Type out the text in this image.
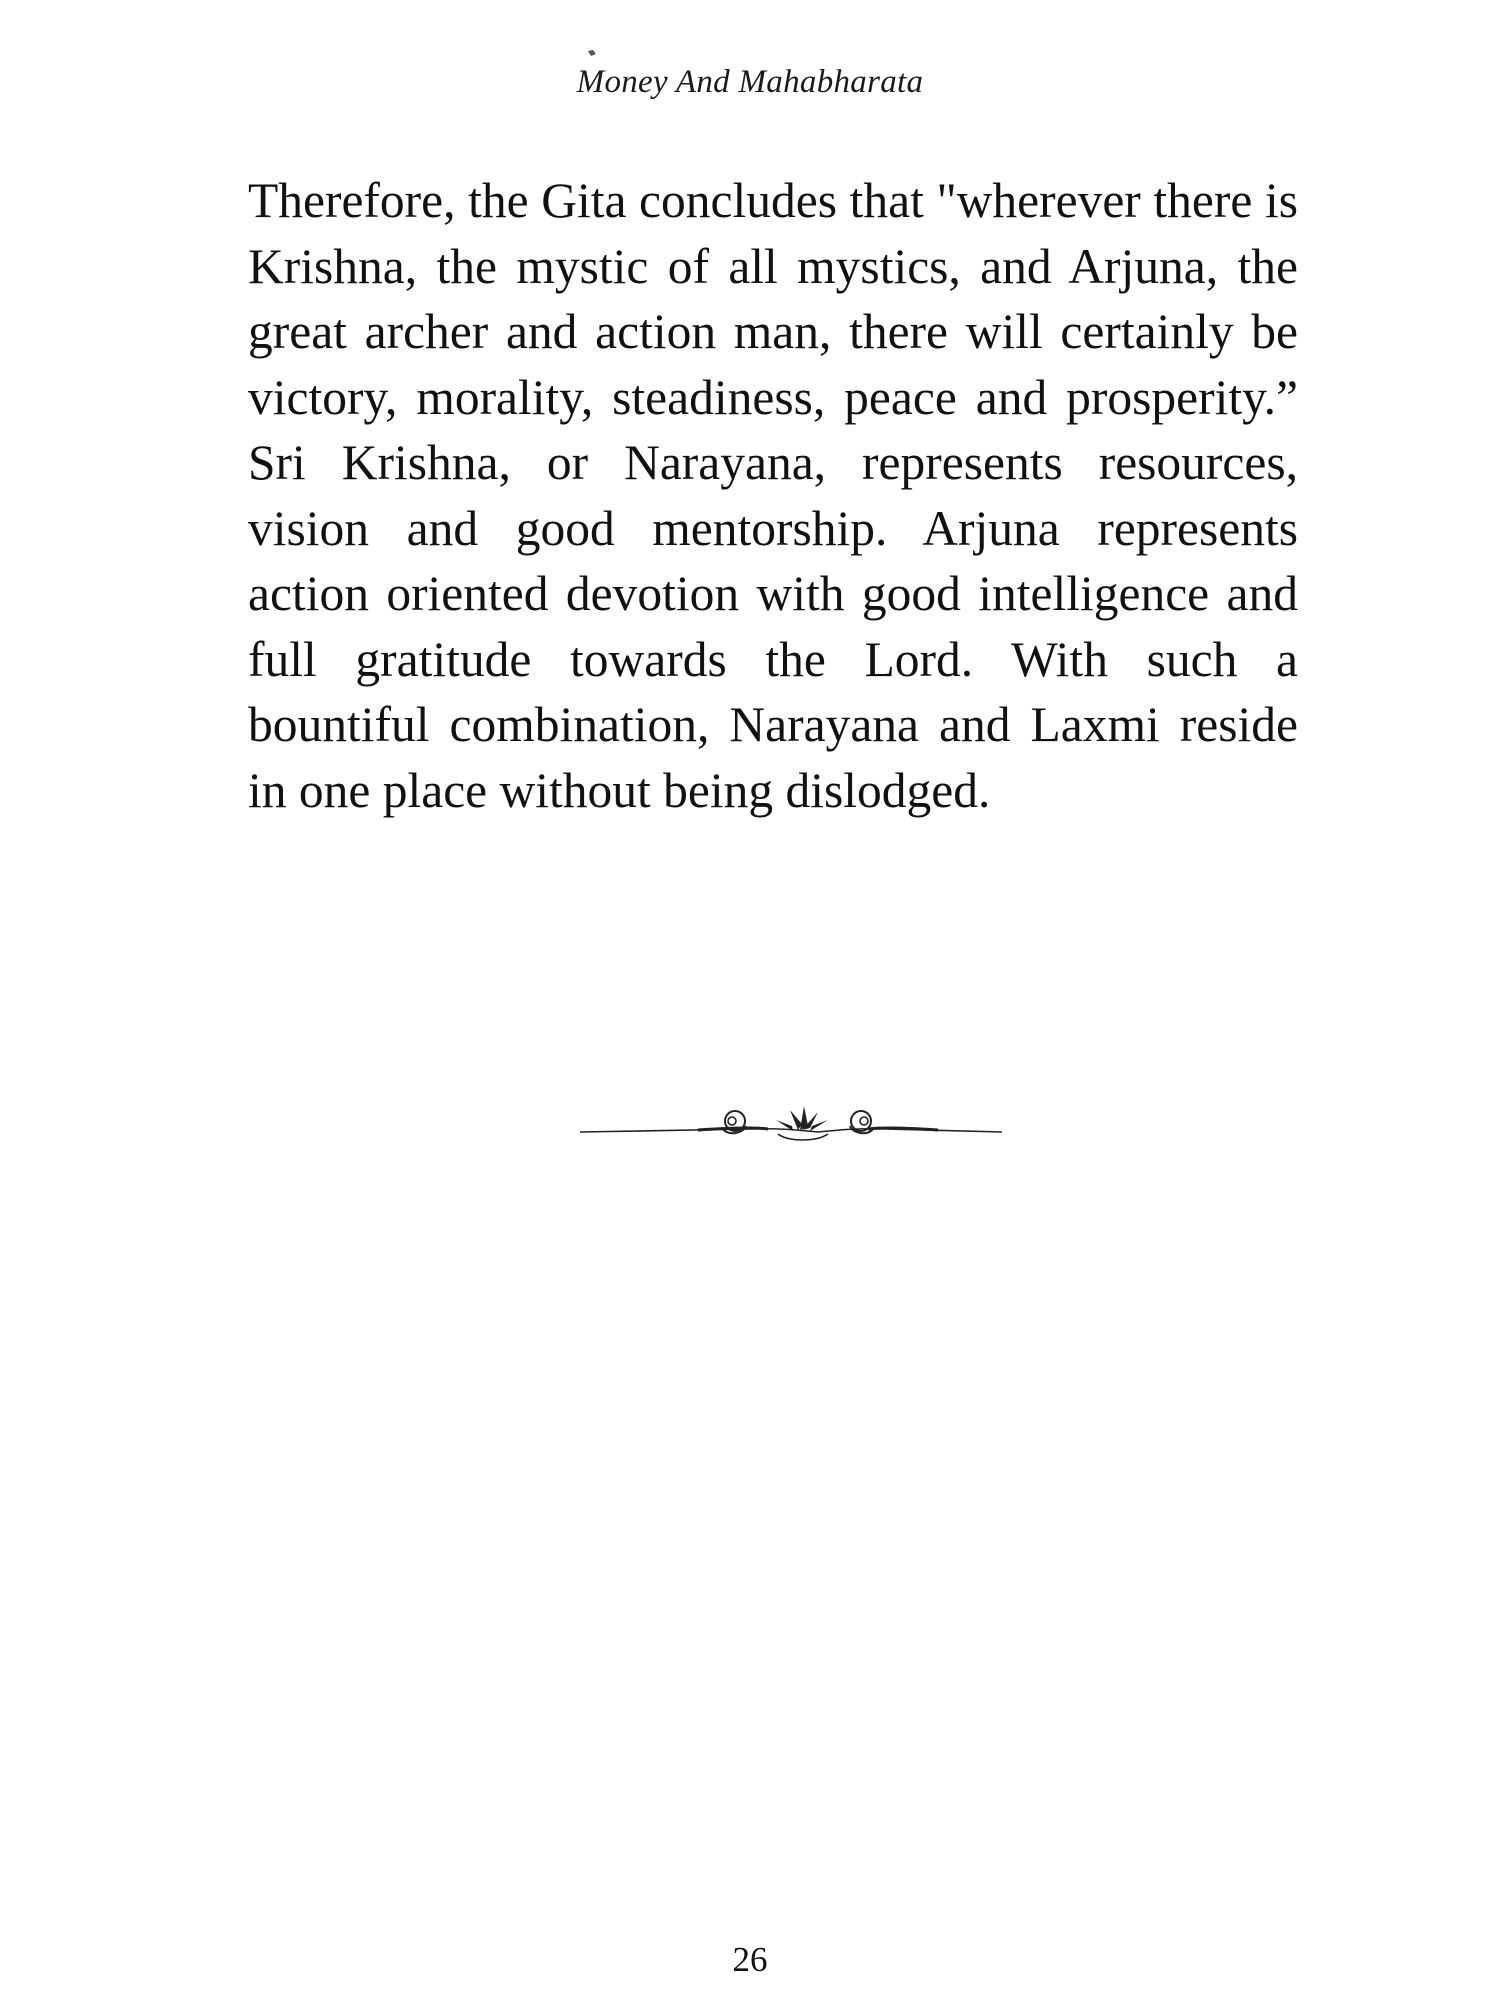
Money And Mahabharata

Therefore, the Gita concludes that "wherever there is Krishna, the mystic of all mystics, and Arjuna, the great archer and action man, there will certainly be victory, morality, steadiness, peace and prosperity.” Sri Krishna, or Narayana, represents resources, vision and good mentorship. Arjuna represents action oriented devotion with good intelligence and full gratitude towards the Lord. With such a bountiful combination, Narayana and Laxmi reside in one place without being dislodged.

26
